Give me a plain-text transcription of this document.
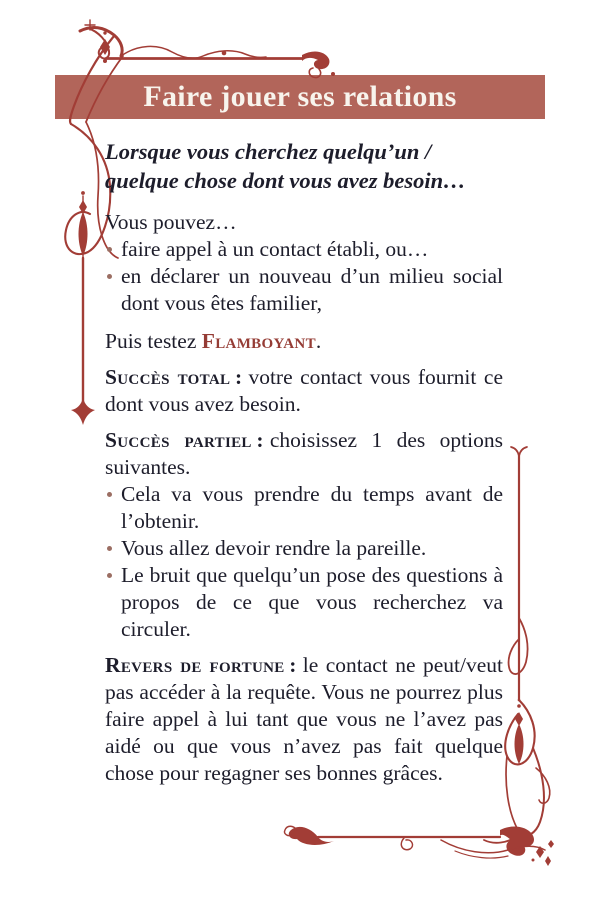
Faire jouer ses relations

Lorsque vous cherchez quelqu’un / quelque chose dont vous avez besoin…

Vous pouvez…

faire appel à un contact établi, ou…
en déclarer un nouveau d’un milieu social dont vous êtes familier,

Puis testez Flamboyant.

Succès total : votre contact vous fournit ce dont vous avez besoin.

Succès partiel : choisissez 1 des options suivantes.

Cela va vous prendre du temps avant de l’obtenir.
Vous allez devoir rendre la pareille.
Le bruit que quelqu’un pose des questions à propos de ce que vous recherchez va circuler.

Revers de fortune : le contact ne peut/veut pas accéder à la requête. Vous ne pourrez plus faire appel à lui tant que vous ne l’avez pas aidé ou que vous n’avez pas fait quelque chose pour regagner ses bonnes grâces.
